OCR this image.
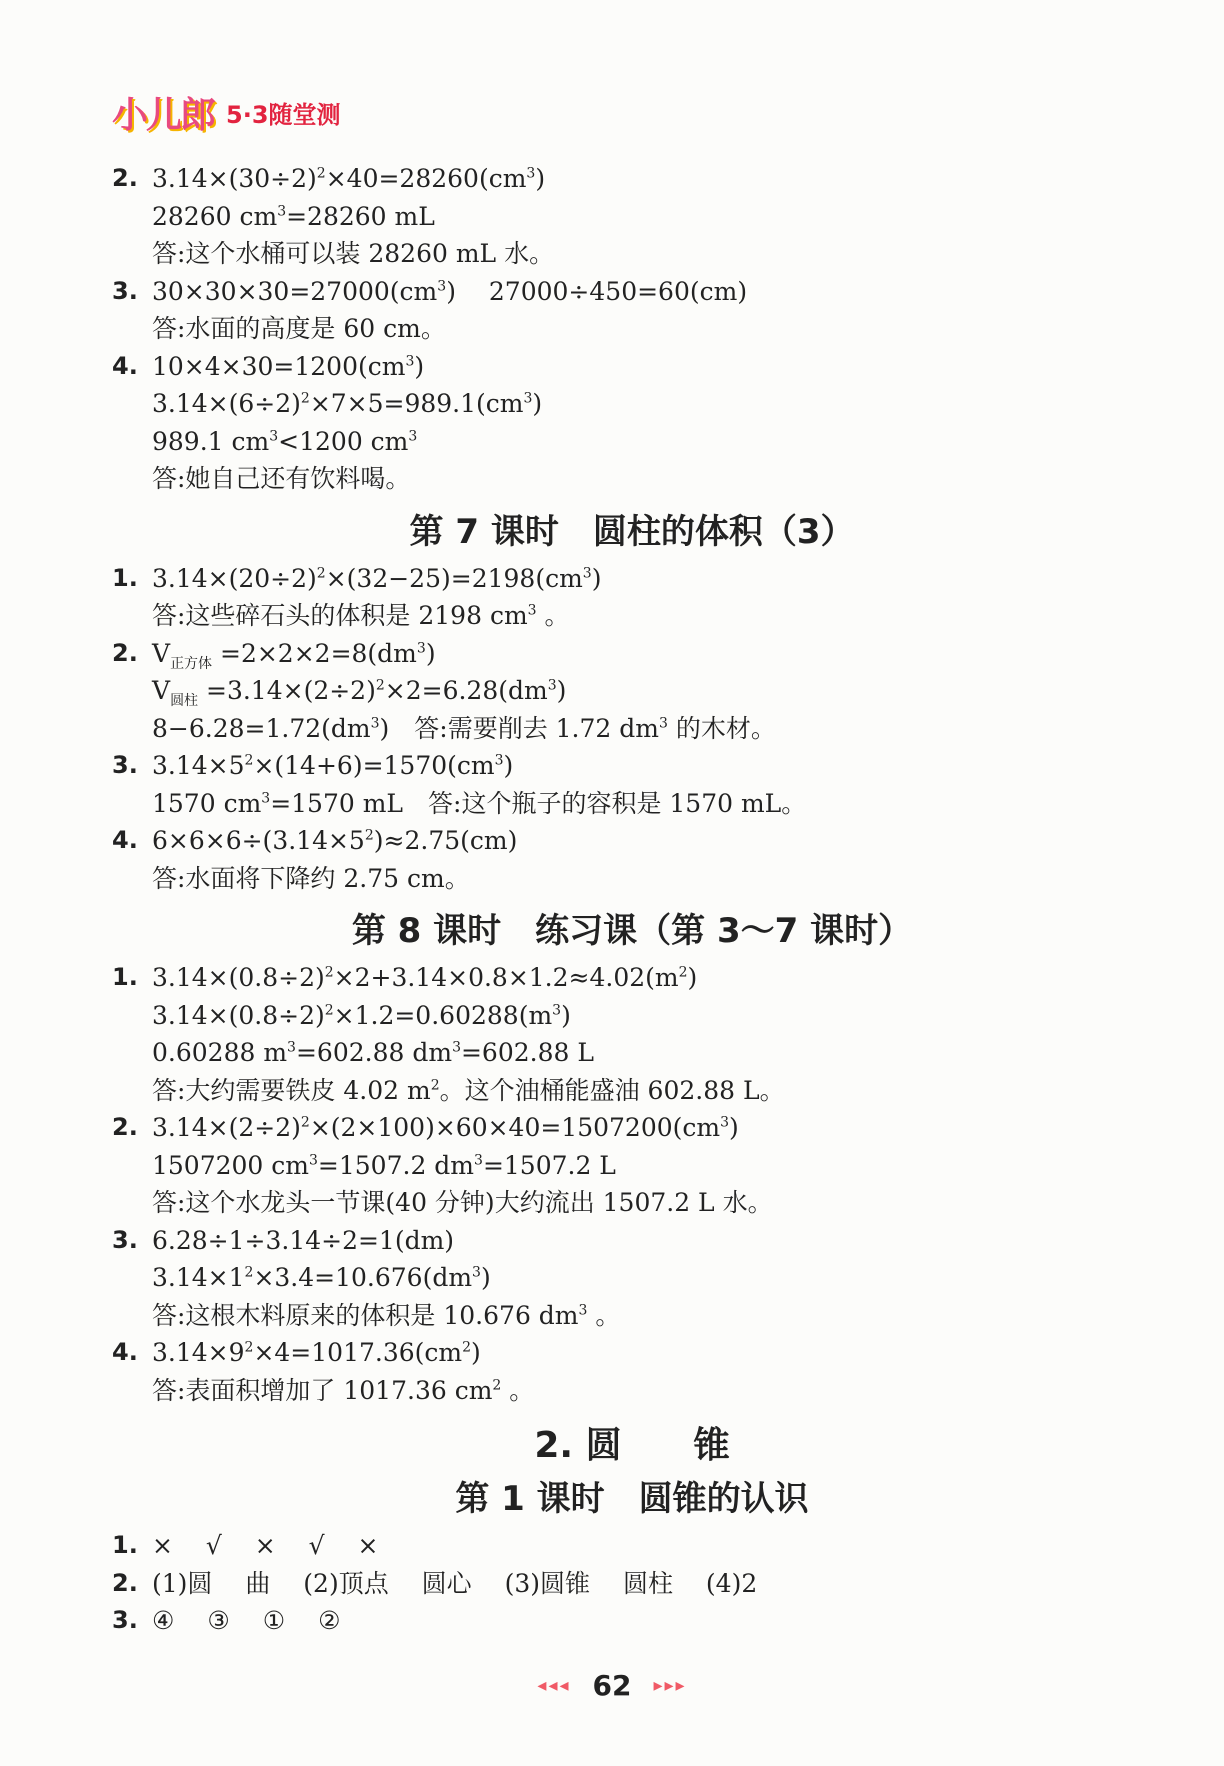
小儿郎 5·3随堂测
2. $3.14\times(30\div 2)^2\times 40=28260(cm^3)$
28260 $cm^3=28260$ mL
答:这个水桶可以装 28260 mL 水。
3. $30\times 30\times 30=27000(cm^3)$　 27000÷450=60(cm)
答:水面的高度是 60 cm。
4. $10\times 4\times 30=1200(cm^3)$
$3.14\times(6\div 2)^2\times 7\times 5=989.1(cm^3)$
989.1 $cm^3<1200$ $cm^3$
答:她自己还有饮料喝。
第 7 课时　圆柱的体积（3）
1. $3.14\times(20\div 2)^2\times(32-25)=2198(cm^3)$
答:这些碎石头的体积是 2198 $cm^3$ 。
2. $V_{正方体} =2\times 2\times 2=8(dm^3)$
$V_{圆柱} =3.14\times(2\div 2)^2\times 2=6.28(dm^3)$
$8-6.28=1.72(dm^3)$　答:需要削去 1.72 $dm^3$ 的木材。
3. $3.14\times 5^2\times(14+6)=1570(cm^3)$
1570 $cm^3=1570$ mL　答:这个瓶子的容积是 1570 mL。
4. $6\times 6\times 6\div(3.14\times 5^2)\approx 2.75(cm)$
答:水面将下降约 2.75 cm。
第 8 课时　练习课（第 3～7 课时）
1. $3.14\times(0.8\div 2)^2\times 2+3.14\times 0.8\times 1.2\approx 4.02(m^2)$
$3.14\times(0.8\div 2)^2\times 1.2=0.60288(m^3)$
0.60288 $m^3=602.88$ $dm^3=602.88$ L
答:大约需要铁皮 4.02 $m^2$。这个油桶能盛油 602.88 L。
2. $3.14\times(2\div 2)^2\times(2\times 100)\times 60\times 40=1507200(cm^3)$
1507200 $cm^3=1507.2$ $dm^3=1507.2$ L
答:这个水龙头一节课(40 分钟)大约流出 1507.2 L 水。
3. 6.28÷1÷3.14÷2=1(dm)
$3.14\times 1^2\times 3.4=10.676(dm^3)$
答:这根木料原来的体积是 10.676 $dm^3$ 。
4. $3.14\times 9^2\times 4=1017.36(cm^2)$
答:表面积增加了 1017.36 $cm^2$ 。
2. 圆　　锥
第 1 课时　圆锥的认识
1. ×　 √　 ×　 √　 ×
2. (1)圆　 曲　 (2)顶点　 圆心　 (3)圆锥　 圆柱　 (4)2
3. ④　 ③　 ①　 ②
◂◂◂ 62 ▸▸▸
